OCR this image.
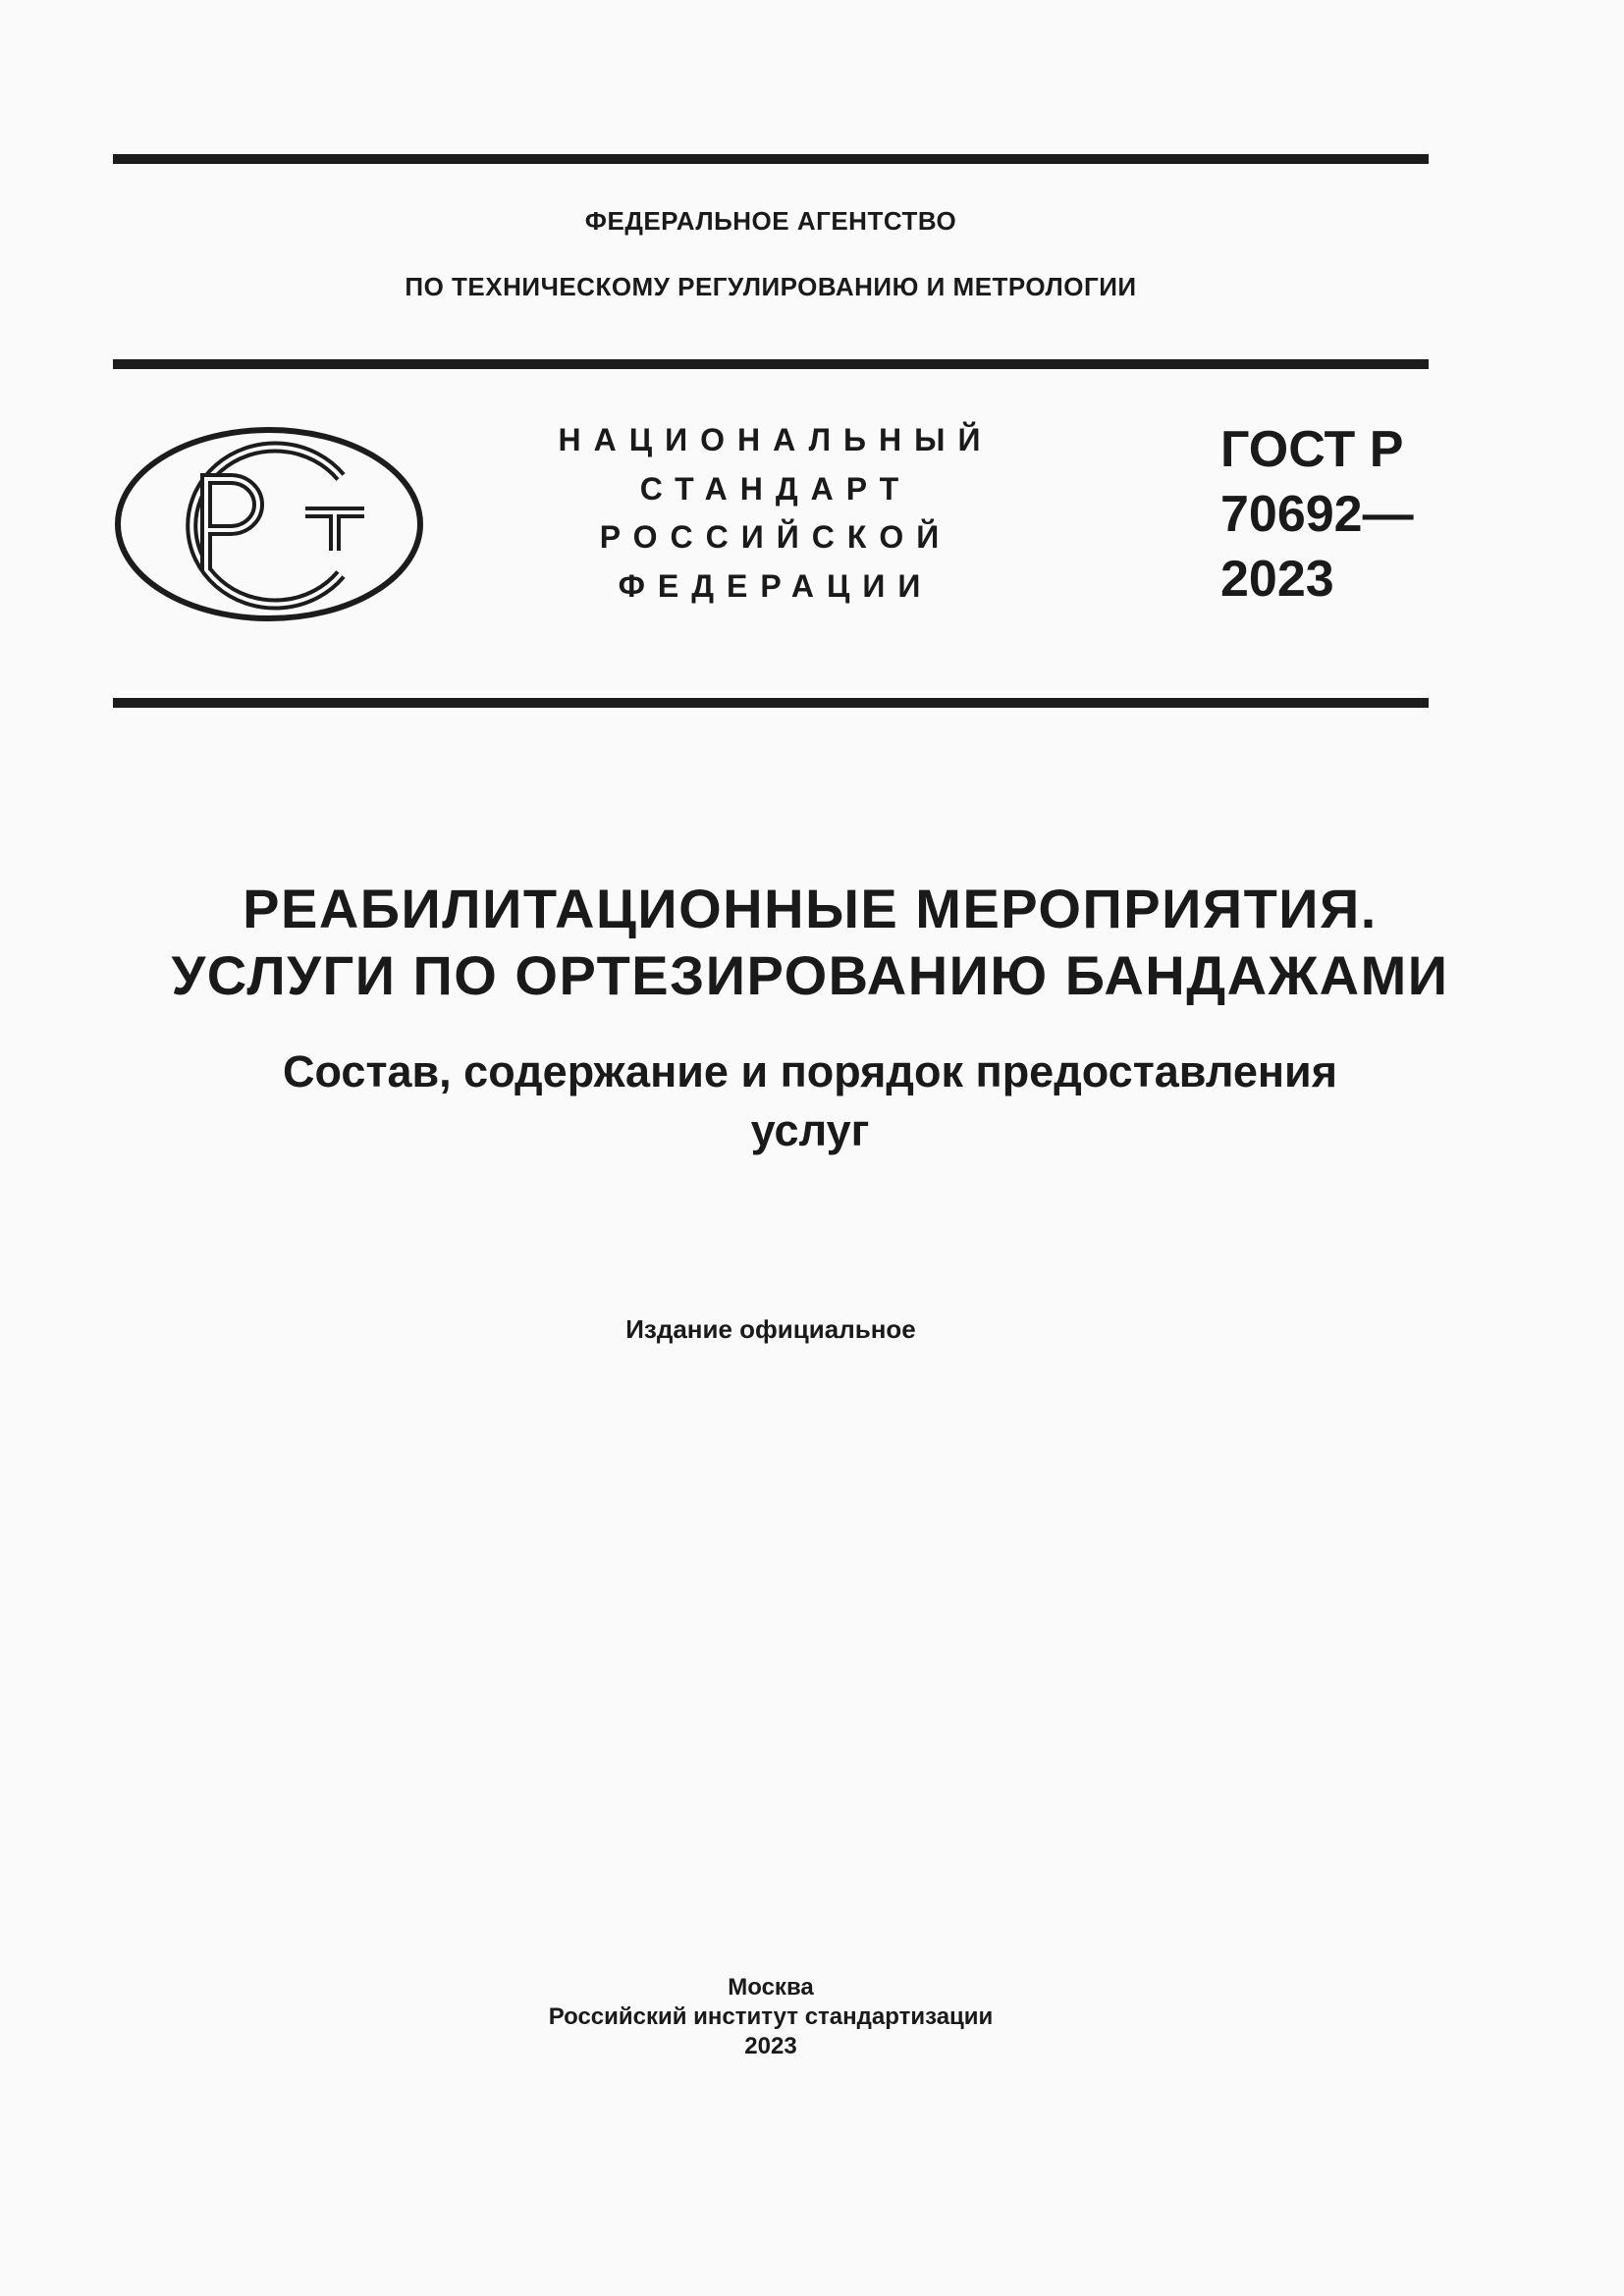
ФЕДЕРАЛЬНОЕ АГЕНТСТВО
ПО ТЕХНИЧЕСКОМУ РЕГУЛИРОВАНИЮ И МЕТРОЛОГИИ
НАЦИОНАЛЬНЫЙ
СТАНДАРТ
РОССИЙСКОЙ
ФЕДЕРАЦИИ
ГОСТ Р
70692—
2023
РЕАБИЛИТАЦИОННЫЕ МЕРОПРИЯТИЯ.
УСЛУГИ ПО ОРТЕЗИРОВАНИЮ БАНДАЖАМИ
Состав, содержание и порядок предоставления
услуг
Издание официальное
Москва
Российский институт стандартизации
2023
